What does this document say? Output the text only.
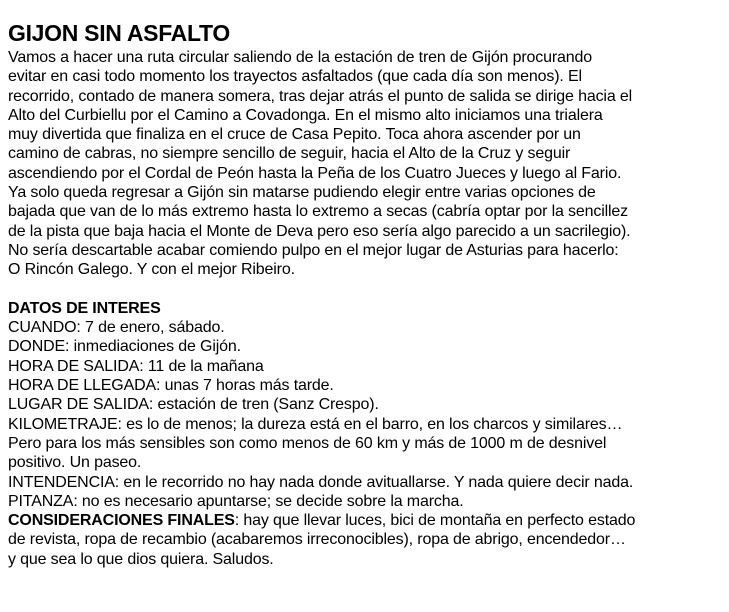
GIJON SIN ASFALTO
Vamos a hacer una ruta circular saliendo de la estación de tren de Gijón procurando
evitar en casi todo momento los trayectos asfaltados (que cada día son menos). El
recorrido, contado de manera somera, tras dejar atrás el punto de salida se dirige hacia el
Alto del Curbiellu por el Camino a Covadonga. En el mismo alto iniciamos una trialera
muy divertida que finaliza en el cruce de Casa Pepito. Toca ahora ascender por un
camino de cabras, no siempre sencillo de seguir, hacia el Alto de la Cruz y seguir
ascendiendo por el Cordal de Peón hasta la Peña de los Cuatro Jueces y luego al Fario.
Ya solo queda regresar a Gijón sin matarse pudiendo elegir entre varias opciones de
bajada que van de lo más extremo hasta lo extremo a secas (cabría optar por la sencillez
de la pista que baja hacia el Monte de Deva pero eso sería algo parecido a un sacrilegio).
No sería descartable acabar comiendo pulpo en el mejor lugar de Asturias para hacerlo:
O Rincón Galego. Y con el mejor Ribeiro.
DATOS DE INTERES
CUANDO: 7 de enero, sábado.
DONDE: inmediaciones de Gijón.
HORA DE SALIDA: 11 de la mañana
HORA DE LLEGADA: unas 7 horas más tarde.
LUGAR DE SALIDA: estación de tren (Sanz Crespo).
KILOMETRAJE: es lo de menos; la dureza está en el barro, en los charcos y similares…
Pero para los más sensibles son como menos de 60 km y más de 1000 m de desnivel
positivo. Un paseo.
INTENDENCIA: en le recorrido no hay nada donde avituallarse. Y nada quiere decir nada.
PITANZA: no es necesario apuntarse; se decide sobre la marcha.
CONSIDERACIONES FINALES: hay que llevar luces, bici de montaña en perfecto estado
de revista, ropa de recambio (acabaremos irreconocibles), ropa de abrigo, encendedor…
y que sea lo que dios quiera. Saludos.
